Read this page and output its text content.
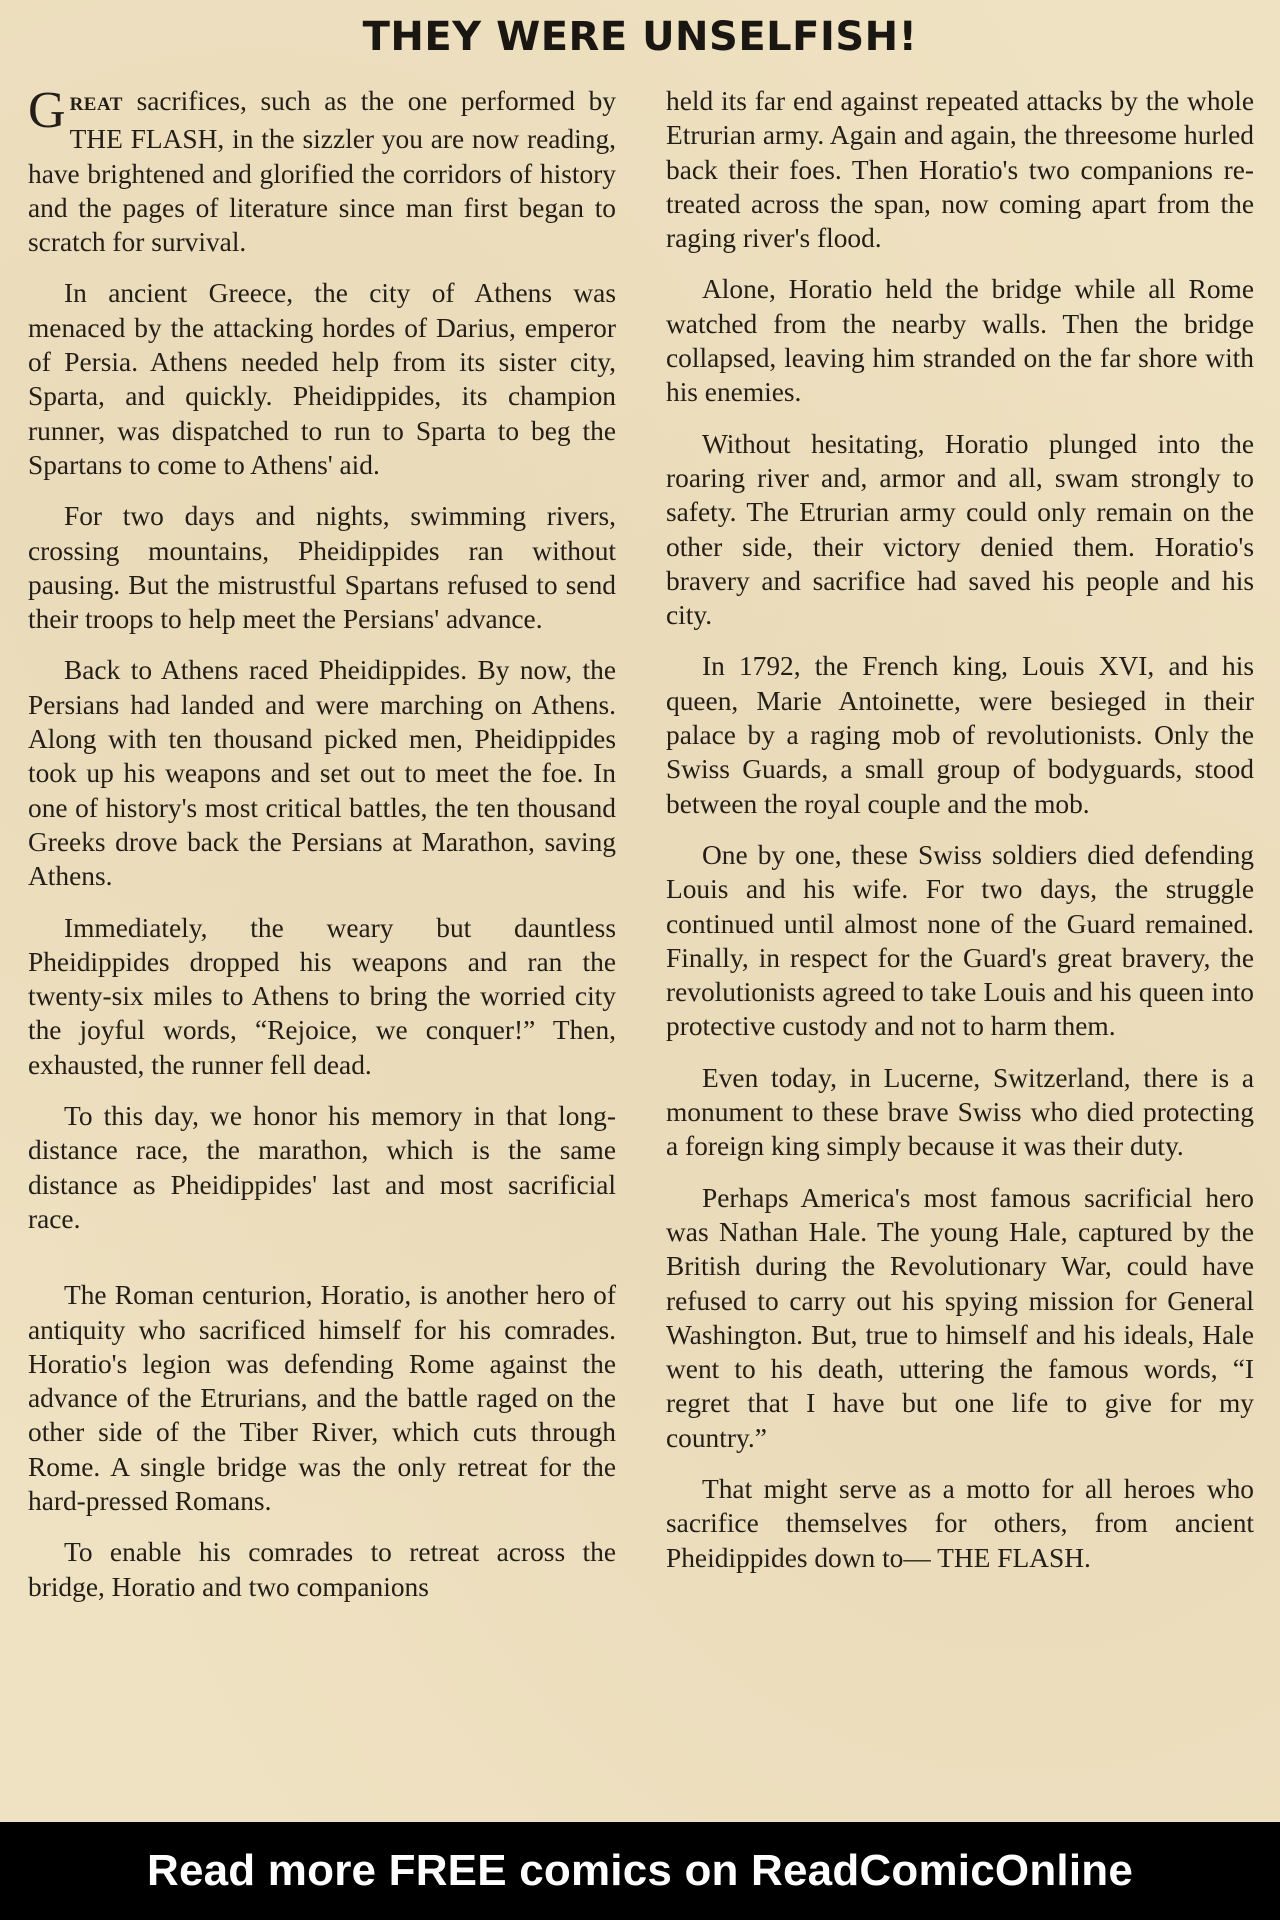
THEY WERE UNSELFISH!

GREAT sacrifices, such as the one performed by THE FLASH, in the sizzler you are now reading, have brightened and glorified the corridors of history and the pages of literature since man first began to scratch for survival.

In ancient Greece, the city of Athens was menaced by the attacking hordes of Darius, emperor of Persia. Athens needed help from its sister city, Sparta, and quickly. Pheidippides, its champion runner, was dispatched to run to Sparta to beg the Spartans to come to Athens' aid.

For two days and nights, swimming rivers, crossing mountains, Pheidippides ran without pausing. But the mistrustful Spartans refused to send their troops to help meet the Persians' advance.

Back to Athens raced Pheidippides. By now, the Persians had landed and were marching on Athens. Along with ten thousand picked men, Pheidippides took up his weapons and set out to meet the foe. In one of history's most critical battles, the ten thousand Greeks drove back the Persians at Marathon, saving Athens.

Immediately, the weary but dauntless Pheidippides dropped his weapons and ran the twenty-six miles to Athens to bring the worried city the joyful words, “Rejoice, we conquer!” Then, exhausted, the runner fell dead.

To this day, we honor his memory in that long-distance race, the marathon, which is the same distance as Pheidippides' last and most sacrificial race.

The Roman centurion, Horatio, is another hero of antiquity who sacrificed himself for his comrades. Horatio's legion was defending Rome against the advance of the Etrurians, and the battle raged on the other side of the Tiber River, which cuts through Rome. A single bridge was the only retreat for the hard-pressed Romans.

To enable his comrades to retreat across the bridge, Horatio and two companions

held its far end against repeated attacks by the whole Etrurian army. Again and again, the threesome hurled back their foes. Then Horatio's two companions retreated across the span, now coming apart from the raging river's flood.

Alone, Horatio held the bridge while all Rome watched from the nearby walls. Then the bridge collapsed, leaving him stranded on the far shore with his enemies.

Without hesitating, Horatio plunged into the roaring river and, armor and all, swam strongly to safety. The Etrurian army could only remain on the other side, their victory denied them. Horatio's bravery and sacrifice had saved his people and his city.

In 1792, the French king, Louis XVI, and his queen, Marie Antoinette, were besieged in their palace by a raging mob of revolutionists. Only the Swiss Guards, a small group of bodyguards, stood between the royal couple and the mob.

One by one, these Swiss soldiers died defending Louis and his wife. For two days, the struggle continued until almost none of the Guard remained. Finally, in respect for the Guard's great bravery, the revolutionists agreed to take Louis and his queen into protective custody and not to harm them.

Even today, in Lucerne, Switzerland, there is a monument to these brave Swiss who died protecting a foreign king simply because it was their duty.

Perhaps America's most famous sacrificial hero was Nathan Hale. The young Hale, captured by the British during the Revolutionary War, could have refused to carry out his spying mission for General Washington. But, true to himself and his ideals, Hale went to his death, uttering the famous words, “I regret that I have but one life to give for my country.”

That might serve as a motto for all heroes who sacrifice themselves for others, from ancient Pheidippides down to— THE FLASH.

Read more FREE comics on ReadComicOnline
